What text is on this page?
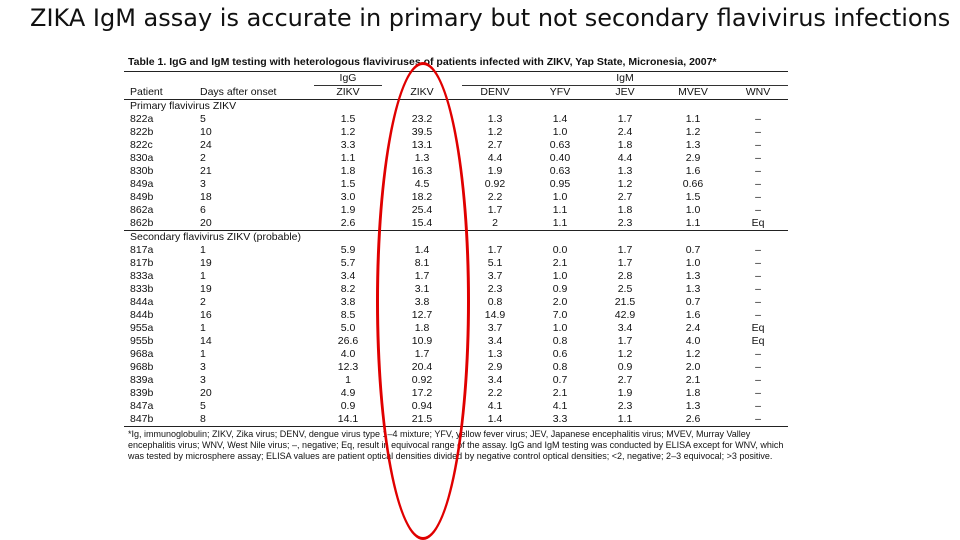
ZIKA IgM assay is accurate in primary but not secondary flavivirus infections
Table 1. IgG and IgM testing with heterologous flaviviruses of patients infected with ZIKV, Yap State, Micronesia, 2007*
		IgG		IgM				
Patient	Days after onset	ZIKV	ZIKV	DENV	YFV	JEV	MVEV	WNV
Primary flavivirus ZIKV								
822a	5	1.5	23.2	1.3	1.4	1.7	1.1	–
822b	10	1.2	39.5	1.2	1.0	2.4	1.2	–
822c	24	3.3	13.1	2.7	0.63	1.8	1.3	–
830a	2	1.1	1.3	4.4	0.40	4.4	2.9	–
830b	21	1.8	16.3	1.9	0.63	1.3	1.6	–
849a	3	1.5	4.5	0.92	0.95	1.2	0.66	–
849b	18	3.0	18.2	2.2	1.0	2.7	1.5	–
862a	6	1.9	25.4	1.7	1.1	1.8	1.0	–
862b	20	2.6	15.4	2	1.1	2.3	1.1	Eq
Secondary flavivirus ZIKV (probable)								
817a	1	5.9	1.4	1.7	0.0	1.7	0.7	–
817b	19	5.7	8.1	5.1	2.1	1.7	1.0	–
833a	1	3.4	1.7	3.7	1.0	2.8	1.3	–
833b	19	8.2	3.1	2.3	0.9	2.5	1.3	–
844a	2	3.8	3.8	0.8	2.0	21.5	0.7	–
844b	16	8.5	12.7	14.9	7.0	42.9	1.6	–
955a	1	5.0	1.8	3.7	1.0	3.4	2.4	Eq
955b	14	26.6	10.9	3.4	0.8	1.7	4.0	Eq
968a	1	4.0	1.7	1.3	0.6	1.2	1.2	–
968b	3	12.3	20.4	2.9	0.8	0.9	2.0	–
839a	3	1	0.92	3.4	0.7	2.7	2.1	–
839b	20	4.9	17.2	2.2	2.1	1.9	1.8	–
847a	5	0.9	0.94	4.1	4.1	2.3	1.3	–
847b	8	14.1	21.5	1.4	3.3	1.1	2.6	–
*Ig, immunoglobulin; ZIKV, Zika virus; DENV, dengue virus type 1–4 mixture; YFV, yellow fever virus; JEV, Japanese encephalitis virus; MVEV, Murray Valley encephalitis virus; WNV, West Nile virus; –, negative; Eq, result in equivocal range of the assay. IgG and IgM testing was conducted by ELISA except for WNV, which was tested by microsphere assay; ELISA values are patient optical densities divided by negative control optical densities; <2, negative; 2–3 equivocal; >3 positive.
